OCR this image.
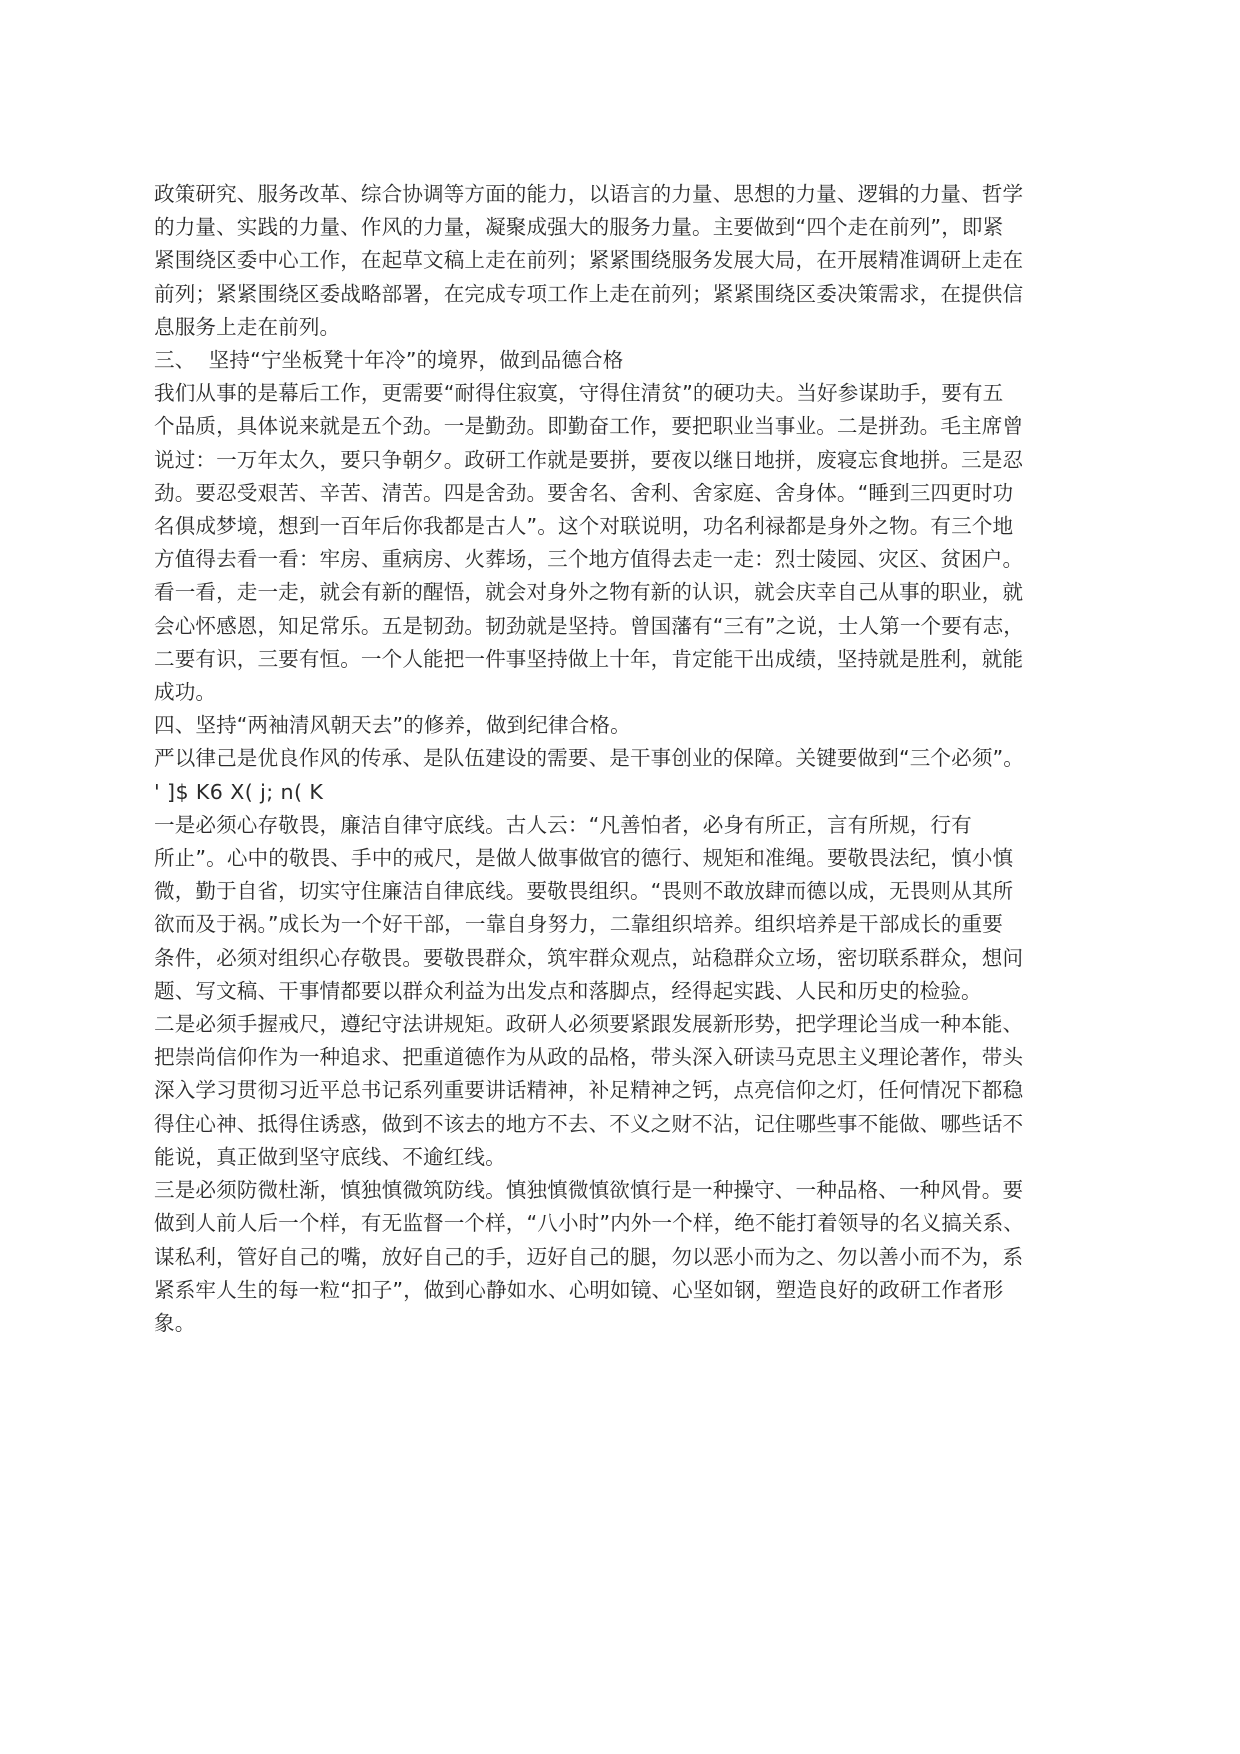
政策研究、服务改革、综合协调等方面的能力，以语言的力量、思想的力量、逻辑的力量、哲学

的力量、实践的力量、作风的力量，凝聚成强大的服务力量。主要做到“四个走在前列”，即紧

紧围绕区委中心工作，在起草文稿上走在前列；紧紧围绕服务发展大局，在开展精准调研上走在

前列；紧紧围绕区委战略部署，在完成专项工作上走在前列；紧紧围绕区委决策需求，在提供信

息服务上走在前列。

三、  坚持“宁坐板凳十年冷”的境界，做到品德合格

我们从事的是幕后工作，更需要“耐得住寂寞，守得住清贫”的硬功夫。当好参谋助手，要有五

个品质，具体说来就是五个劲。一是勤劲。即勤奋工作，要把职业当事业。二是拼劲。毛主席曾

说过：一万年太久，要只争朝夕。政研工作就是要拼，要夜以继日地拼，废寝忘食地拼。三是忍

劲。要忍受艰苦、辛苦、清苦。四是舍劲。要舍名、舍利、舍家庭、舍身体。“睡到三四更时功

名俱成梦境，想到一百年后你我都是古人”。这个对联说明，功名利禄都是身外之物。有三个地

方值得去看一看：牢房、重病房、火葬场，三个地方值得去走一走：烈士陵园、灾区、贫困户。

看一看，走一走，就会有新的醒悟，就会对身外之物有新的认识，就会庆幸自己从事的职业，就

会心怀感恩，知足常乐。五是韧劲。韧劲就是坚持。曾国藩有“三有”之说，士人第一个要有志，

二要有识，三要有恒。一个人能把一件事坚持做上十年，肯定能干出成绩，坚持就是胜利，就能

成功。

四、坚持“两袖清风朝天去”的修养，做到纪律合格。

严以律己是优良作风的传承、是队伍建设的需要、是干事创业的保障。关键要做到“三个必须”。

' ]$ K6 X( j; n( K

一是必须心存敬畏，廉洁自律守底线。古人云：“凡善怕者，必身有所正，言有所规，行有

所止”。心中的敬畏、手中的戒尺，是做人做事做官的德行、规矩和准绳。要敬畏法纪，慎小慎

微，勤于自省，切实守住廉洁自律底线。要敬畏组织。“畏则不敢放肆而德以成，无畏则从其所

欲而及于祸。”成长为一个好干部，一靠自身努力，二靠组织培养。组织培养是干部成长的重要

条件，必须对组织心存敬畏。要敬畏群众，筑牢群众观点，站稳群众立场，密切联系群众，想问

题、写文稿、干事情都要以群众利益为出发点和落脚点，经得起实践、人民和历史的检验。

二是必须手握戒尺，遵纪守法讲规矩。政研人必须要紧跟发展新形势，把学理论当成一种本能、

把崇尚信仰作为一种追求、把重道德作为从政的品格，带头深入研读马克思主义理论著作，带头

深入学习贯彻习近平总书记系列重要讲话精神，补足精神之钙，点亮信仰之灯，任何情况下都稳

得住心神、抵得住诱惑，做到不该去的地方不去、不义之财不沾，记住哪些事不能做、哪些话不

能说，真正做到坚守底线、不逾红线。

三是必须防微杜渐，慎独慎微筑防线。慎独慎微慎欲慎行是一种操守、一种品格、一种风骨。要

做到人前人后一个样，有无监督一个样，“八小时”内外一个样，绝不能打着领导的名义搞关系、

谋私利，管好自己的嘴，放好自己的手，迈好自己的腿，勿以恶小而为之、勿以善小而不为，系

紧系牢人生的每一粒“扣子”，做到心静如水、心明如镜、心坚如钢，塑造良好的政研工作者形

象。
